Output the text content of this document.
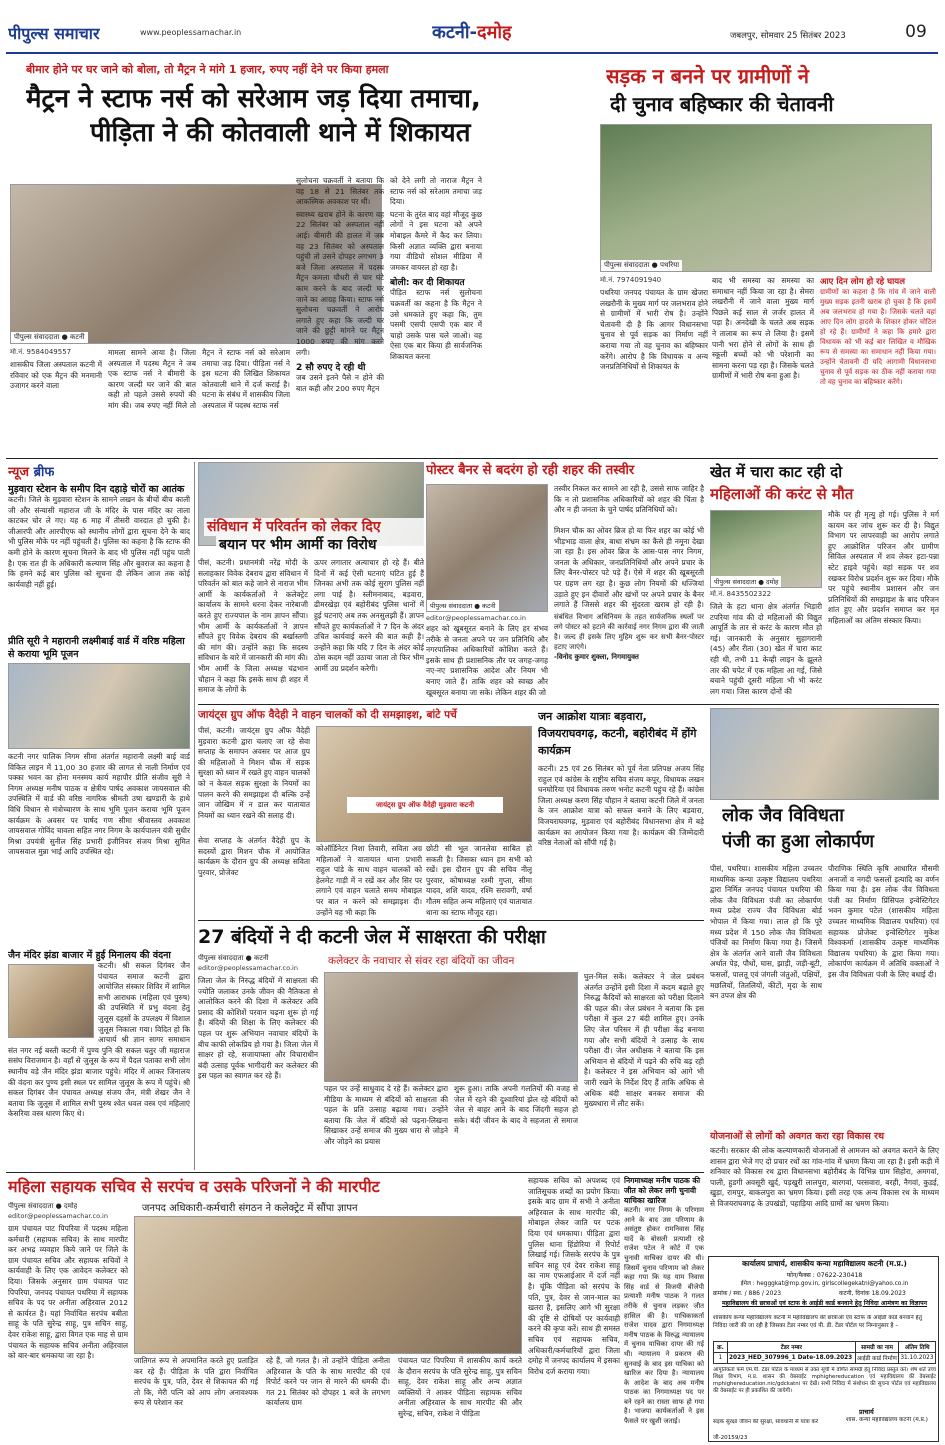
पीपुल्स समाचार	www.peoplessamachar.in	कटनी-दमोह	जबलपुर, सोमवार 25 सितंबर 2023	09
बीमार होने पर घर जाने को बोला, तो मैट्रन ने मांगे 1 हजार, रुपए नहीं देने पर किया हमला
मैट्रन ने स्टाफ नर्स को सरेआम जड़ दिया तमाचा,
पीड़िता ने की कोतवाली थाने में शिकायत
पीपुल्स संवाददाता ● कटनी
मो.नं. 9584049557
शासकीय जिला अस्पताल कटनी में रविवार को एक मैट्रन की मनमानी उजागर करने वाला
मामला सामने आया है। जिला अस्पताल में पदस्थ मैट्रन ने जब एक स्टाफ नर्स ने बीमारी के कारण जल्दी घर जाने की बात कही तो पहले उससे रुपयों की मांग की। जब रुपए नहीं मिले तो
मैट्रन ने स्टाफ नर्स को सरेआम तमाचा जड़ दिया। पीड़िता नर्स ने इस घटना की लिखित शिकायत कोतवाली थाने में दर्ज कराई है। घटना के संबंध में शासकीय जिला अस्पताल में पदस्थ स्टाफ नर्स
सुलोचना चक्रवर्ती ने बताया कि वह 18 से 21 सितंबर तक आकस्मिक अवकाश पर थीं।
स्वास्थ्य खराब होने के कारण वह 22 सितंबर को अस्पताल नहीं आई। बीमारी की हालत में जब वह 23 सितंबर को अस्पताल पहुंची तो उसने दोपहर लगभग 3 बजे जिला अस्पताल में पदस्थ मैट्रन कमला चौधरी से चार घंटे काम करने के बाद जल्दी घर जाने का आग्रह किया। स्टाफ नर्स सुलोचना चक्रवर्ती ने आरोप लगाते हुए कहा कि जल्दी घर जाने की छुट्टी मांगने पर मैट्रन 1000 रुपए की मांग करने लगी।
2 सौ रुपए दे रही थी
जब उसने इतने पैसे न होने की बात कही और 200 रुपए मैट्रन
को देने लगी तो नाराज मैट्रन ने स्टाफ नर्स को सरेआम तमाचा जड़ दिया।
घटना के तुरंत बाद वहां मौजूद कुछ लोगों ने इस घटना को अपने मोबाइल कैमरे में कैद कर लिया। किसी अज्ञात व्यक्ति द्वारा बनाया गया वीडियो सोशल मीडिया में जमकर वायरल हो रहा है।
बोली: कर दी शिकायत
पीड़ित स्टाफ नर्स सुलोचना चक्रवर्ती का कहना है कि मैट्रन ने उसे धमकाते हुए कहा कि, तुम पसमी एसपी एसपी एक बार में चाहो उसके पास चले जाओ। वह ऐसा एक बार किया ही सार्वजनिक शिकायत करना
सड़क न बनने पर ग्रामीणों ने
दी चुनाव बहिष्कार की चेतावनी
पीपुल्स संवाददाता ● पथरिया
मो.नं. 7974091940
पथरिया जनपद पंचायत के ग्राम खेजरा लखरौनी के मुख्य मार्ग पर जलभराव होने से ग्रामीणों में भारी रोष है। उन्होंने चेतावनी दी है कि आगर विधानसभा चुनाव से पूर्व सड़क का निर्माण नहीं कराया गया तो वह चुनाव का बहिष्कार करेंगे। आरोप है कि विधायक व अन्य जनप्रतिनिधियों से शिकायत के
बाद भी समस्या का समस्या का समाधान नहीं किया जा रहा है। सेमरा लखरौनी में जाने वाला मुख्य मार्ग पिछले कई साल से जर्जर हालत में पड़ा है। अनदेखी के चलते अब सड़क ने तालाब का रूप ले लिया है। इसमें पानी भरा होने से लोगों के साथ ही स्कूली बच्चों को भी परेशानी का सामना करना पड़ रहा है। जिसके चलते ग्रामीणों में भारी रोष बना हुआ है।
आए दिन लोग हो रहे घायल
ग्रामीणों का कहना है कि गांव में जाने वाली मुख्य सड़क इतनी खराब हो चुका है कि इसमें अब जलभराव हो गया है। जिसके चलते वहां आए दिन लोग हादसे के शिकार होकर चोटिल हो रहे हैं। ग्रामीणों ने कहा कि हमारे द्वारा विधायक को भी कई बार लिखित व मौखिक रूप से समस्या का समाधान नहीं किया गया। उन्होंने चेतावनी दी यदि आगामी विधानसभा चुनाव से पूर्व सड़क का ठीक नहीं कराया गया तो वह चुनाव का बहिष्कार करेंगे।
न्यूज ब्रीफ
मुड़वारा स्टेशन के समीप दिन दहाड़े चोरों का आतंक
कटनी। जिले के मुड़वारा स्टेशन के सामने लखन के बीचों बीच काली जी और संन्यासी महाराज जी के मंदिर के पास मंदिर का ताला काटकर चोर ले गए। यह 6 माह में तीसरी वारदात हो चुकी है। जीआरपी और आरपीएफ को स्थानीय लोगों द्वारा सूचना देने के बाद भी पुलिस मौके पर नहीं पहुंचती है। पुलिस का कहना है कि स्टाफ की कमी होने के कारण सूचना मिलने के बाद भी पुलिस नहीं पहुंच पाती है। एक रात ही के अधिकारी कल्याण सिंह और बुवराज का कहना है कि हमने कई बार पुलिस को सूचना दी लेकिन आज तक कोई कार्यवाही नहीं हुई।
प्रीति सूरी ने महारानी लक्ष्मीबाई वार्ड में वरिष्ठ महिला से कराया भूमि पूजन
कटनी नगर पालिक निगम सीमा अंतर्गत महारानी लक्ष्मी बाई वार्ड विकित लाइन में 11,00 30 हजार की लागत से नाली निर्माण एवं पक्का भवन का होना मनस्मय कार्य महापौर प्रीति संजीव सूरी ने निगम अध्यक्ष मनीष पाठक व क्षेत्रीय पार्षद अवकाश जायसवाल की उपस्थिति में वार्ड की वरिष्ठ नागरिक श्रीमती उषा खण्डारी के हाथे विधि विधान से मंत्रोच्चारण के साथ भूमि पूजन कराया भूमि पूजन कार्यक्रम के अवसर पर पार्षद गण सीमा श्रीवास्तव अवकाश जायसवाल गोविंद चावला सहित नगर निगम के कार्यपालन यंत्री सुधीर मिश्रा उपयंत्री सुनील सिंह प्रभारी इंजीनियर संजय मिश्रा सुमित जायसवाल मुन्ना भाई आदि उपस्थित रहे।
जैन मंदिर झंडा बाजार में हुई मिनालय की वंदना
कटनी। श्री सकल दिगंबर जैन पंचायत समाज कटनी द्वारा आयोजित संस्कार शिविर में शामिल सभी आराधक (महिला एवं पुरुष) की उपस्थिति में प्रभु वंदना हेतु जुलूस दहसों के उपलक्ष्य में विशाल जुलूस निकाला गया। विदित हो कि आचार्य श्री ज्ञान सागर समाधान संत नगर नई बस्ती कटनी में पुण्य पुनि की सकल चतुर जी महाराज ससंघ विराजमान है। वहाँ से जुलूस के रूप में पैदल पताका सभी लोग स्थानीय वड़े जैन मंदिर झंडा बाजार पहुंचे। मंदिर में आकर जिनालय की वंदना कर पुण्य इसी स्थल पर सामिल जुलूस के रूप में पहुंचे। श्री सकल दिगंबर जैन पंचायत अध्यक्ष संजय जैन, मंत्री शेखर जैन ने बताया कि जुलूस में शामिल सभी पुरुष श्वेत धवल वस्त्र एवं महिलाएं केसरिया वस्त्र धारण किए थे।
संविधान में परिवर्तन को लेकर दिए
बयान पर भीम आर्मी का विरोध
पीसं, कटनी। प्रधानमंत्री नरेंद्र मोदी के सलाहकार विवेक देबराय द्वारा संविधान में परिवर्तन को बात कहे जाने से नाराज भीम आर्मी के कार्यकर्ताओं ने कलेक्ट्रेट कार्यालय के सामने धरना देकर नारेबाजी करते हुए राज्यपाल के नाम ज्ञापन सौंपा। भीम आर्मी के कार्यकर्ताओं ने ज्ञापन सौंपते हुए विवेक देबराय की बर्खास्तगी की मांग की। उन्होंने कहा कि सदस्य संविधान के बारे में जानकारी की मांग की। भीम आर्मी के जिला अध्यक्ष चंद्रभान चौहान ने कहा कि इसके साथ ही शहर में समाज के लोगों के
ऊपर लगातार अत्याचार हो रहे हैं। बीते दिनों में कई ऐसी घटनाएं घटित हुई हैं जिनका अभी तक कोई सुराग पुलिस नहीं लगा पाई है। स्लीमनाबाद, बड़वारा, ढीमरखेड़ा एवं बहोरीबंद पुलिस थानों में हुई घटनाएं अब तक अनसुलझी हैं। ज्ञापन सौंपते हुए कार्यकर्ताओं ने 7 दिन के अंदर उचित कार्यवाई करने की बात कही है। उन्होंने कहा कि यदि 7 दिन के अंदर कोई ठोस कदम नहीं उठाया जाता तो फिर भीम आर्मी उग्र प्रदर्शन करेगी।
पोस्टर बैनर से बदरंग हो रही शहर की तस्वीर
पीपुल्स संवाददाता ● कटनी
editor@peoplessamachar.co.in
शहर को खूबसूरत बनाने के लिए हर संभव तरीके से जनता अपने पर जन प्रतिनिधि और नगरपालिका अधिकारियों कोशिश करते हैं। इसके साथ ही प्रशासनिक तौर पर जगह-जगह नए-नए प्रशासनिक आदेश और नियम भी बनाए जाते हैं। ताकि शहर को स्वच्छ और खूबसूरत बनाया जा सके। लेकिन शहर की जो
तस्वीर निकल कर सामने आ रही है, उससे साफ जाहिर है कि न तो प्रशासनिक अधिकारियों को शहर की चिंता है और न ही जनता के चुने पार्षद प्रतिनिधियों को।
मिशन चौक का ओवर ब्रिज हो या फिर शहर का कोई भी भीड़भाड़ वाला क्षेत्र, बाधा संभ्रम का कैसे ही नमूना देखा जा रहा है। इस ओवर ब्रिज के आस-पास नगर निगम, जनता के अधिकार, जनप्रतिनिधियों और अपने प्रचार के लिए बैनर-पोस्टर पटे पड़े हैं। ऐसे में शहर की खूबसूरती पर ग्रहण लग रहा है। कुछ लोग नियमों की धज्जियां उड़ाते हुए इन दीवारों और खंभों पर अपने प्रचार के बैनर लगाते हैं जिससे शहर की सुंदरता खराब हो रही है।
संबंधित विभाग अधिनियम के तहत सार्वजनिक स्थलों पर लगे पोस्टर को हटाने की कार्रवाई नगर निगम द्वारा की जाती है। जल्द ही इसके लिए मुहिम शुरू कर सभी बैनर-पोस्टर हटाए जाएंगे।
-विनोद कुमार शुक्ला, निगमायुक्त
खेत में चारा काट रही दो
महिलाओं की करंट से मौत
पीपुल्स संवाददाता ● दमोह
मो.नं. 8435502322
जिले के हटा थाना क्षेत्र अंतर्गत भिड़ारी टपरिया गांव की दो महिलाओं की विद्युत आपूर्ति के तार से करंट के कारण मौत हो गई। जानकारी के अनुसार सुहागरानी (45) और रीता (30) खेत में चारा काट रही थी, तभी 11 केव्ही लाइन के झूलते तार की चपेट में एक महिला आ गई, जिसे बचाने पहुंची दूसरी महिला भी भी करंट लग गया। जिस कारण दोनों की
मौके पर ही मृत्यु हो गई। पुलिस ने मर्ग कायम कर जांच शुरू कर दी है। विद्युत विभाग पर लापरवाही का आरोप लगाते हुए आक्रोशित परिजन और ग्रामीण सिविल अस्पताल में शव लेकर हटा-पन्ना स्टेट हाइवे पहुंचे। वहां सड़क पर शव रखकर विरोध प्रदर्शन शुरू कर दिया। मौके पर पहुंचे स्थानीय प्रशासन और जन प्रतिनिधियों की समझाइश के बाद परिजन शांत हुए और प्रदर्शन समाप्त कर मृत महिलाओं का अंतिम संस्कार किया।
जायंट्स ग्रुप ऑफ वैदेही ने वाहन चालकों को दी समझाइश, बांटे पर्चे
पीसं, कटनी। जायंट्स ग्रुप ऑफ वैदेही मुड़वारा कटनी द्वारा चलाए जा रहे सेवा सप्ताह के समापन अवसर पर आज ग्रुप की महिलाओं ने मिशन चौक में सड़क सुरक्षा को ध्यान में रखते हुए वाहन चालकों को न केवल सड़क सुरक्षा के नियमों का पालन करने की समझाइश दी बल्कि उन्हें जान जोखिम में न डाल कर यातायात नियमों का ध्यान रखने की सलाह दी।
सेवा सप्ताह के अंतर्गत वैदेही ग्रुप के सदस्यों द्वारा मिशन चौक में आयोजित कार्यक्रम के दौरान ग्रुप की अध्यक्ष सविता पुरवार, प्रोजेक्ट
जायंट्स ग्रुप ऑफ वैदेही मुड़वारा कटनी
कोऑर्डिनेटर निशा तिवारी, सविता अग्र महिलाओं ने यातायात थाना प्रभारी राहुल पांडे के साथ वाहन चालकों को हेलमेट गाड़ी में न रखें कर और सिर पर लगाने एवं वाहन चलाते समय मोबाइल पर बात न करने को समझाइश दी। उन्होंने यह भी कहा कि
छोटी सी भूल जानलेवा साबित हो सकती है। जिसका ध्यान हम सभी को रखें। इस दौरान ग्रुप की सचिव नीलू पुरवार, कोषाध्यक्ष रश्मी गुप्ता, सीमा यादव, शशि यादव, रश्मि सरावगी, वर्षा गौतम सहित अन्य महिलाएं एवं यातायात थाना का स्टाफ मौजूद रहा।
जन आक्रोश यात्राः बड़वारा, विजयराघवगढ़, कटनी, बहोरीबंद में होंगे कार्यक्रम
कटनी। 25 एवं 26 सितंबर को पूर्व नेता प्रतिपक्ष अजय सिंह राहुल एवं कांग्रेस के राष्ट्रीय सचिव संजय कपूर, विधायक लखन घनघोरिया एवं विधायक तरुण भनोट कटनी पहुंच रहे हैं। कांग्रेस जिला अध्यक्ष करण सिंह चौहान ने बताया कटनी जिले में जनता के जन आक्रोश यात्रा को सफल बनाने के लिए बड़वारा, विजयराघवगढ़, मुड़वारा एवं बहोरीबंद विधानसभा क्षेत्र में बड़े कार्यक्रम का आयोजन किया गया है। कार्यक्रम की जिम्मेदारी वरिष्ठ नेताओं को सौंपी गई है।
लोक जैव विविधता
पंजी का हुआ लोकार्पण
पीसं, पथरिया। शासकीय महिला उच्चतर माध्यमिक कन्या उत्कृष्ट विद्यालय पथरिया द्वारा निर्मित जनपद पंचायत पथरिया की लोक जैव विविधता पंजी का लोकार्पण मध्य प्रदेश राज्य जैव विविधता बोर्ड भोपाल में किया गया। लाल हो कि पूरे मध्य प्रदेश में 150 लोक जैव विविधता पंजियों का निर्माण किया गया है। जिसमें क्षेत्र के अंतर्गत आने वाली जैव विविधता अर्थात पेड़, पौधों, घास, झाड़ी, जड़ी-बूटी, फसलों, पालतू एवं जंगली जंतुओं, पक्षियों, मछलियों, तितलियों, कीटों, मृदा के साथ बन उपज क्षेत्र की
पौराणिक स्थिति कृषि आधारित मौसमी अनाजों व नगदी फसलों इत्यादि का वर्णन किया गया है। इस लोक जैव विविधता पंजी का निर्माण प्रिंसिपल इन्वेस्टिगेटर भवन कुमार पटेल (शासकीय महिला उच्चतर माध्यमिक विद्यालय पथरिया) एवं सहायक प्रोजेक्ट इन्वेस्टिगेटर मुकेश विश्वकर्मा (शासकीय उत्कृष्ट माध्यमिक विद्यालय पथरिया) के द्वारा किया गया। लोकार्पण कार्यक्रम में अतिथि वक्ताओं ने इस जैव विविधता पंजी के लिए बधाई दी।
27 बंदियों ने दी कटनी जेल में साक्षरता की परीक्षा
पीपुल्स संवाददाता ● कटनी
editor@peoplessamachar.co.in
कलेक्टर के नवाचार से संवर रहा बंदियों का जीवन
जिला जेल के निरुद्ध बंदियों में साक्षरता की ज्योति जलाकर उनके जीवन की नैतिकता से आलोकित करने की दिशा में कलेक्टर अवि प्रसाद की कोशिशें परवान चढ़ना शुरू हो गई हैं। बंदियों की शिक्षा के लिए कलेक्टर की पहल पर शुरू अभियान नवाचार बंदियों के बीच काफी लोकप्रिय हो गया है। जिला जेल में साक्षर हो रहे, सजायाफ्ता और विचाराधीन बंदी उत्साह पूर्वक भागीदारी कर कलेक्टर की इस पहल का स्वागत कर रहे हैं।
पहल पर उन्हें साधुवाद दे रहे हैं। कलेक्टर द्वारा मीडिया के माध्यम से बंदियों को साक्षरता की पहल के प्रति उत्साह बढ़ाया गया। उन्होंने बताया कि जेल में बंदियों को पढ़ना-लिखना सिखाकर उन्हें समाज की मुख्य धारा से जोड़ने और जोड़ने का प्रयास
शुरू हुआ। ताकि अपनी गलतियों की वजह से जेल में रहने की दुश्वारियां झेल रहे बंदियों को जेल से बाहर आने के बाद जिंदगी सहज हो सके। बंदी जीवन के बाद वे सहजता से समाज में
घुल-मिल सकें। कलेक्टर ने जेल प्रबंधन अंतर्गत उन्होंने इसी दिशा में कदम बढ़ाते हुए निरुद्ध कैदियों को साक्षरता को परीक्षा दिलाने की पहल की। जेल प्रबंधन ने बताया कि इस परीक्षा में कुल 27 बंदी शामिल हुए। उनके लिए जेल परिसर में ही परीक्षा केंद्र बनाया गया और सभी बंदियों ने उत्साह के साथ परीक्षा दी। जेल अधीक्षक ने बताया कि इस अभियान से बंदियों में पढ़ने की रुचि बढ़ रही है। कलेक्टर ने इस अभियान को आगे भी जारी रखने के निर्देश दिए हैं ताकि अधिक से अधिक बंदी साक्षर बनकर समाज की मुख्यधारा में लौट सकें।
योजनाओं से लोगों को अवगत करा रहा विकास रथ
कटनी। सरकार की लोक कल्याणकारी योजनाओं से आमजन को अवगत कराने के लिए शासन द्वारा भेजे गए दो प्रचार रथों का गांव-गांव में भ्रमण किया जा रहा है। इसी कड़ी में शनिवार को विकास रथ द्वारा विधानसभा बहोरीबंद के विभिन्न ग्राम सिहोरा, अमगवां, पाली, हुडगी अवसूरी खुर्द, पड़खुरी लालपुरा, बारगवां, परसवारा, बरही, नैगवां, कुड़ई, खुड़ा, रामपुर, बाकलपुरा का भ्रमण किया। इसी तरह एक अन्य विकास रथ के माध्यम से विजयराघवगढ़ के उपखंडों, पहाड़िया आदि ग्रामों का भ्रमण किया।
महिला सहायक सचिव से सरपंच व उसके परिजनों ने की मारपीट
पीपुल्स संवाददाता ● दमोह
editor@peoplessamachar.co.in
जनपद अधिकारी-कर्मचारी संगठन ने कलेक्ट्रेट में सौंपा ज्ञापन
ग्राम पंचायत पाट पिपरिया में पदस्थ महिला कर्मचारी (सहायक सचिव) के साथ मारपीट कर अभद्र व्यवहार किये जाने पर जिले के ग्राम पंचायत सचिव और सहायक सचिवों ने कार्यवाही के लिए एक आवेदन कलेक्टर को दिया। जिसके अनुसार ग्राम पंचायत पाट पिपरिया, जनपद पंचायत पथरिया में सहायक सचिव के पद पर अनीता अहिरवाल 2012 से कार्यरत है। यहां निर्वाचित सरपंच बबीता साहू के पति सुरेन्द्र साहू, पुत्र सचिन साहू, देवर राकेश साहू, द्वारा विगत एक माह से ग्राम पंचायत के सहायक सचिव अनीता अहिरवाल को बार-बार धमकाया जा रहा है।
जातिगत रूप से अपमानित करते हुए प्रताड़ित कर रहे हैं। पीड़िता के पति द्वारा निर्वाचित सरपंच के पुत्र, पति, देवर से शिकायत की गई तो कि, मेरी पत्नि को आप लोग अनावश्यक रूप से परेशान कर
रहे हैं, जो गलत है। तो उन्होंने पीड़िता अनीता अहिरवाल के पति के साथ मारपीट की एवं रिपोर्ट करने पर जान से मारने की धमकी दी। गत 21 सितंबर को दोपहर 1 बजे के लगभग कार्यालय ग्राम
पंचायत पाट पिपरिया में शासकीय कार्य करते के दौरान सरपंच के पति सुरेन्द्र साहू, पुत्र सचिन साहू, देवर राकेश साहू और अन्य अज्ञात व्यक्तियों ने आकर पीड़िता सहायक सचिव अनीता अहिरवाल के साथ मारपीट की और सुरेन्द्र, सचिन, राकेश ने पीड़िता
सहायक सचिव को अपशब्द एवं जातिसूचक शब्दों का प्रयोग किया। इसके बाद ग्राम में सभी ने अनीता अहिरवाल के साथ मारपीट की, मोबाइल लेकर जाति पर पटक दिया एवं धमकाया। पीड़िता द्वारा पुलिस थाना हिंडोरिया में रिपोर्ट लिखाई गई। जिसके सरपंच के पुत्र सचिन साहू एवं देवर राकेश साहू का नाम एफआईआर में दर्ज नहीं है। चूंकि पीड़िता को सरपंच के पति, पुत्र, देवर से जान-माल का खतरा है, इसलिए आगे भी सुरक्षा की दृष्टि से दोषियों पर कार्यवाही करने की कृपा करें। साथ ही समस्त सचिव एवं सहायक सचिव, अधिकारी/कर्मचारियों द्वारा जिला दमोह में जनपद कार्यालय में इसका विरोध दर्ज कराया गया।
निगमाध्यक्ष मनीष पाठक की जीत को लेकर लगी चुनावी याचिका खारिज
कटनी। नगर निगम के परिणाम आने के बाद उस परिणाम के असंतुष्ट होकर रामनिवास सिंह यादें के बोसली प्रत्याशी रहे राजेश पटेल ने कोर्ट में एक चुनावी याचिका दायर की थी। जिसमें चुनाव परिणाम को लेकर कहा गया कि यह याम निवास सिंह वार्ड से विजयी बीजेपी प्रत्याशी मनीष पाठक ने गलत तरीके से चुनाव लड़कर जीत हासिल की है। याचिकाकर्ता राजेश यादव द्वारा निगमाध्यक्ष मनीष पाठक के विरुद्ध न्यायालय में चुनाव याचिका दायर की गई थी। न्यायालय ने प्रकरण की सुनवाई के बाद इस याचिका को खारिज कर दिया है। न्यायालय के आदेश के बाद अब मनीष पाठक का निगमाध्यक्ष पद पर बने रहने का रास्ता साफ हो गया है। भाजपा कार्यकर्ताओं ने इस फैसले पर खुशी जताई।
कार्यालय प्राचार्य, शासकीय कन्या महाविद्यालय कटनी (म.प्र.)
फोन/फैक्स : 07622-230418
ईमेल : hegggkat@mp.gov.in, girlscollegekatni@yahoo.co.in
क्रमांक / स्था. / 886 / 2023	कटनी, दिनांक 18.09.2023
महाविद्यालय की छात्राओं एवं स्टाफ के आईडी कार्ड बनवाने हेतु निविदा आमंत्रण का विज्ञापन
शासकीय कन्या महाविद्यालय कटनी में महाविद्यालय की छात्राओं एवं स्टाफ के आईडी कार्ड बनवाने हेतु निविदा जारी की जा रही है जिसका टेंडर नम्बर एवं पी. डी. टेंडर पोर्टल पर निम्नानुसार है –
क्र.	टेंडर नम्बर	सामग्री का नाम	अंतिम तिथि
1	2023_HED_307996_1 Date-18.09.2023	आईडी कार्ड निर्माण	31.10.2023
आपूर्तिकर्ता फर्म एम.पी. टेंडर पोर्टल के माध्यम से उक्त सूची में वर्णित सामग्री हेतु निविदा प्रस्तुत करें। शेष शर्तें उच्च शिक्षा विभाग, म.प्र. शासन की वेबसाईट mphighereducation एवं महाविद्यालय की वेबसाईट mphighereducation.nic/gdckatni पर देखें। सभी निविदा में संशोधन की सूचना पोर्टल एवं महाविद्यालय की वेबसाईट पर ही प्रकाशित की जायेगी।
प्राचार्य
सड़क सुरक्षा जीवन की सुरक्षा, सावधानी से यात्रा करें	शास. कन्या महाविद्यालय कटनी (म.प्र.)
जी-20159/23
